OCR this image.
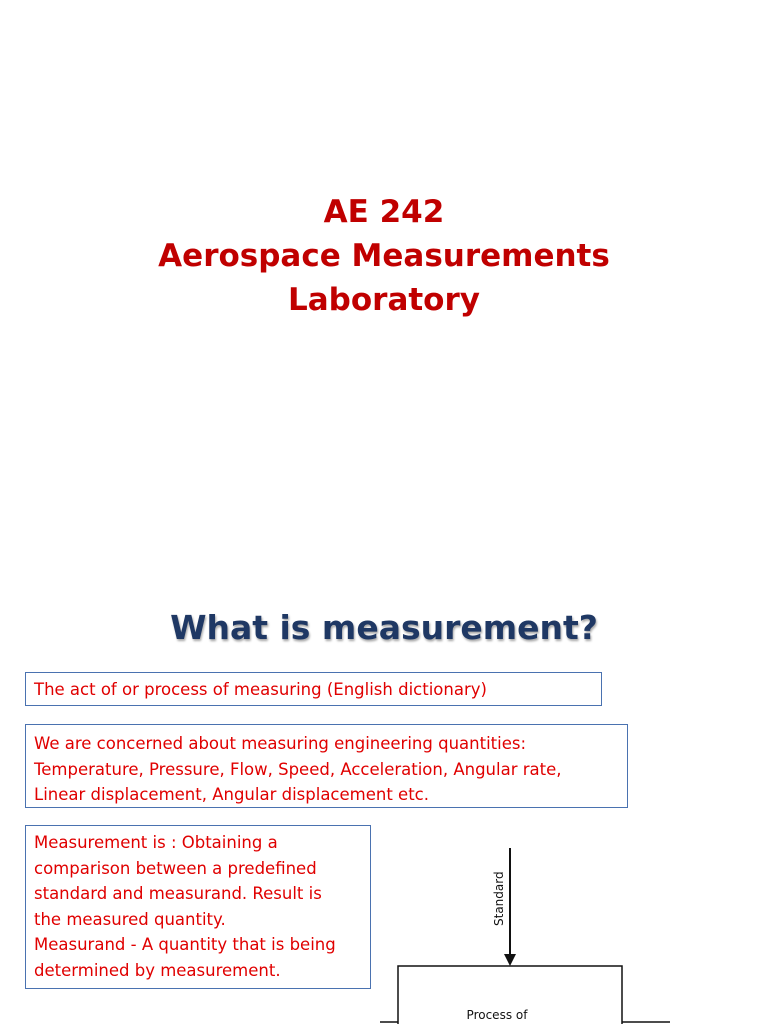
AE 242
Aerospace Measurements
Laboratory
What is measurement?
The act of or process of measuring (English dictionary)
We are concerned about measuring engineering quantities:
Temperature, Pressure, Flow, Speed, Acceleration, Angular rate,
Linear displacement, Angular displacement etc.
Measurement is : Obtaining a
comparison between a predefined
standard and measurand. Result is
the measured quantity.
Measurand - A quantity that is being
determined by measurement.
Standard
Process of
